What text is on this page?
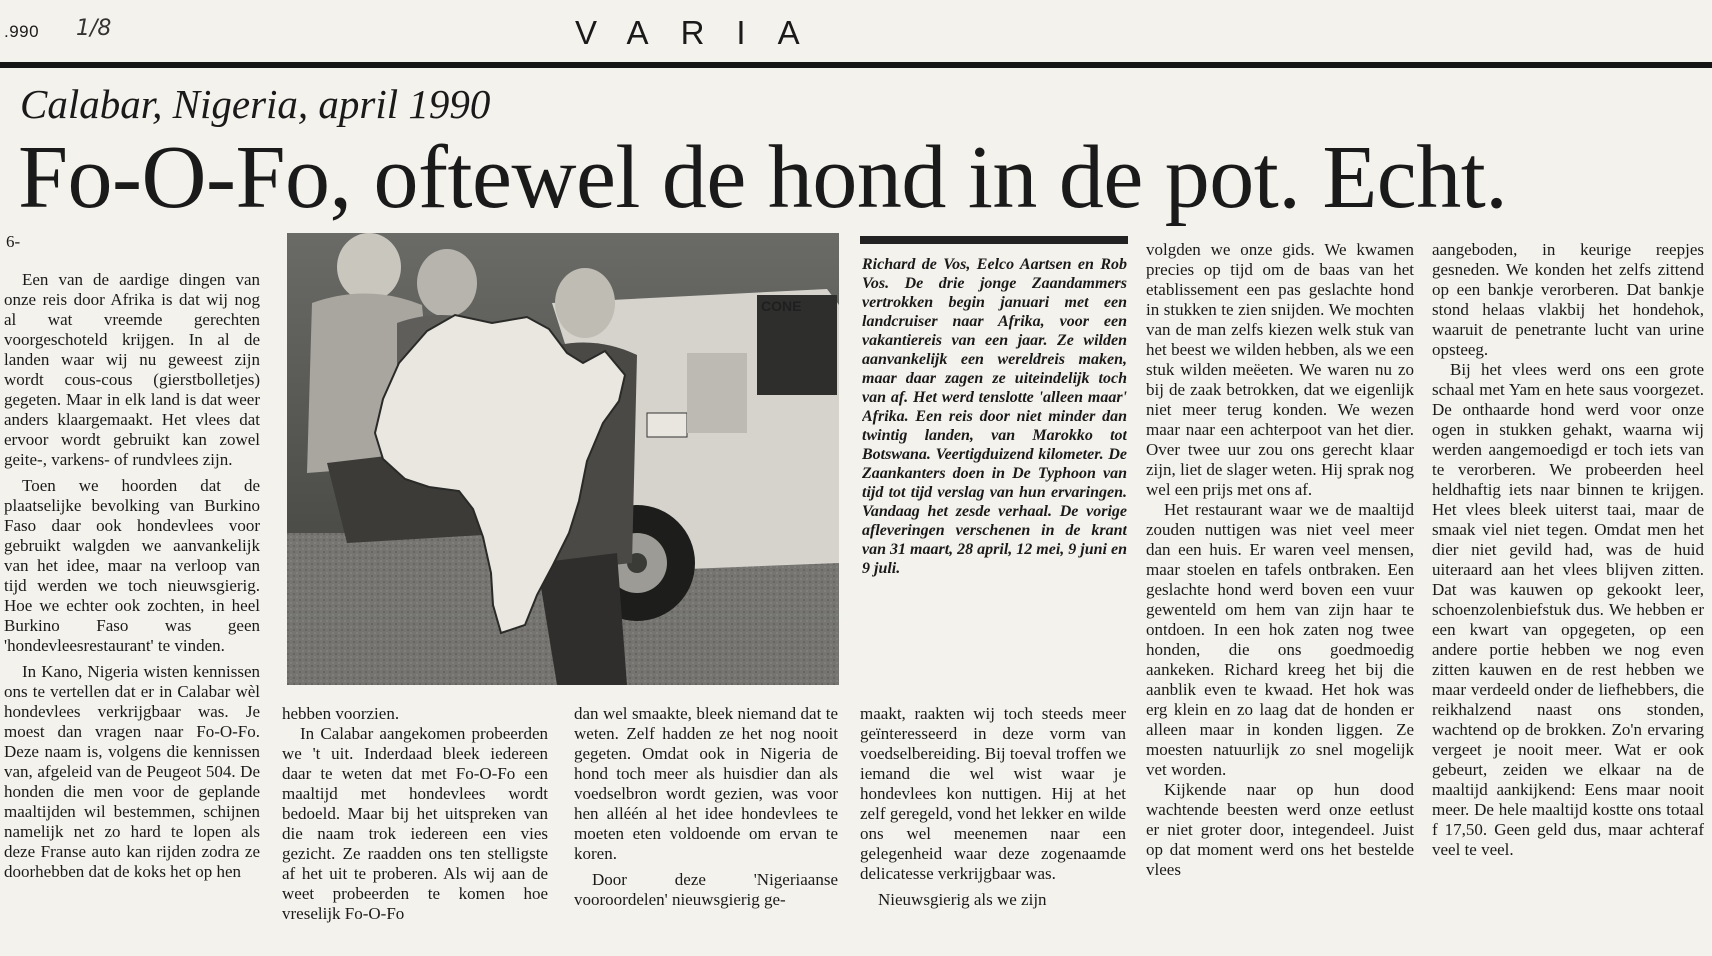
.990 1/8	VARIA
Calabar, Nigeria, april 1990
Fo-O-Fo, oftewel de hond in de pot. Echt.
6-

Een van de aardige dingen van onze reis door Afrika is dat wij nog al wat vreemde gerechten voorgeschoteld krijgen. In al de landen waar wij nu geweest zijn wordt cous-cous (gierstbolletjes) gegeten. Maar in elk land is dat weer anders klaargemaakt. Het vlees dat ervoor wordt gebruikt kan zowel geite-, varkens- of rundvlees zijn.

Toen we hoorden dat de plaatselijke bevolking van Burkino Faso daar ook hondevlees voor gebruikt walgden we aanvankelijk van het idee, maar na verloop van tijd werden we toch nieuwsgierig. Hoe we echter ook zochten, in heel Burkino Faso was geen 'hondevleesrestaurant' te vinden.

In Kano, Nigeria wisten kennissen ons te vertellen dat er in Calabar wèl hondevlees verkrijgbaar was. Je moest dan vragen naar Fo-O-Fo. Deze naam is, volgens die kennissen van, afgeleid van de Peugeot 504. De honden die men voor de geplande maaltijden wil bestemmen, schijnen namelijk net zo hard te lopen als deze Franse auto kan rijden zodra ze doorhebben dat de koks het op hen

CONE

Richard de Vos, Eelco Aartsen en Rob Vos. De drie jonge Zaandammers vertrokken begin januari met een landcruiser naar Afrika, voor een vakantiereis van een jaar. Ze wilden aanvankelijk een wereldreis maken, maar daar zagen ze uiteindelijk toch van af. Het werd tenslotte 'alleen maar' Afrika. Een reis door niet minder dan twintig landen, van Marokko tot Botswana. Veertigduizend kilometer. De Zaankanters doen in De Typhoon van tijd tot tijd verslag van hun ervaringen. Vandaag het zesde verhaal. De vorige afleveringen verschenen in de krant van 31 maart, 28 april, 12 mei, 9 juni en 9 juli.

hebben voorzien.

In Calabar aangekomen probeerden we 't uit. Inderdaad bleek iedereen daar te weten dat met Fo-O-Fo een maaltijd met hondevlees wordt bedoeld. Maar bij het uitspreken van die naam trok iedereen een vies gezicht. Ze raadden ons ten stelligste af het uit te proberen. Als wij aan de weet probeerden te komen hoe vreselijk Fo-O-Fo

dan wel smaakte, bleek niemand dat te weten. Zelf hadden ze het nog nooit gegeten. Omdat ook in Nigeria de hond toch meer als huisdier dan als voedselbron wordt gezien, was voor hen alléén al het idee hondevlees te moeten eten voldoende om ervan te koren.

Door deze 'Nigeriaanse vooroordelen' nieuwsgierig ge-

maakt, raakten wij toch steeds meer geïnteresseerd in deze vorm van voedselbereiding. Bij toeval troffen we iemand die wel wist waar je hondevlees kon nuttigen. Hij at het zelf geregeld, vond het lekker en wilde ons wel meenemen naar een gelegenheid waar deze zogenaamde delicatesse verkrijgbaar was.

Nieuwsgierig als we zijn

volgden we onze gids. We kwamen precies op tijd om de baas van het etablissement een pas geslachte hond in stukken te zien snijden. We mochten van de man zelfs kiezen welk stuk van het beest we wilden hebben, als we een stuk wilden meëeten. We waren nu zo bij de zaak betrokken, dat we eigenlijk niet meer terug konden. We wezen maar naar een achterpoot van het dier. Over twee uur zou ons gerecht klaar zijn, liet de slager weten. Hij sprak nog wel een prijs met ons af.

Het restaurant waar we de maaltijd zouden nuttigen was niet veel meer dan een huis. Er waren veel mensen, maar stoelen en tafels ontbraken. Een geslachte hond werd boven een vuur gewenteld om hem van zijn haar te ontdoen. In een hok zaten nog twee honden, die ons goedmoedig aankeken. Richard kreeg het bij die aanblik even te kwaad. Het hok was erg klein en zo laag dat de honden er alleen maar in konden liggen. Ze moesten natuurlijk zo snel mogelijk vet worden.

Kijkende naar op hun dood wachtende beesten werd onze eetlust er niet groter door, integendeel. Juist op dat moment werd ons het bestelde vlees

aangeboden, in keurige reepjes gesneden. We konden het zelfs zittend op een bankje verorberen. Dat bankje stond helaas vlakbij het hondehok, waaruit de penetrante lucht van urine opsteeg.

Bij het vlees werd ons een grote schaal met Yam en hete saus voorgezet. De onthaarde hond werd voor onze ogen in stukken gehakt, waarna wij werden aangemoedigd er toch iets van te verorberen. We probeerden heel heldhaftig iets naar binnen te krijgen. Het vlees bleek uiterst taai, maar de smaak viel niet tegen. Omdat men het dier niet gevild had, was de huid uiteraard aan het vlees blijven zitten. Dat was kauwen op gekookt leer, schoenzolenbiefstuk dus. We hebben er een kwart van opgegeten, op een andere portie hebben we nog even zitten kauwen en de rest hebben we maar verdeeld onder de liefhebbers, die reikhalzend naast ons stonden, wachtend op de brokken. Zo'n ervaring vergeet je nooit meer. Wat er ook gebeurt, zeiden we elkaar na de maaltijd aankijkend: Eens maar nooit meer. De hele maaltijd kostte ons totaal f 17,50. Geen geld dus, maar achteraf veel te veel.
